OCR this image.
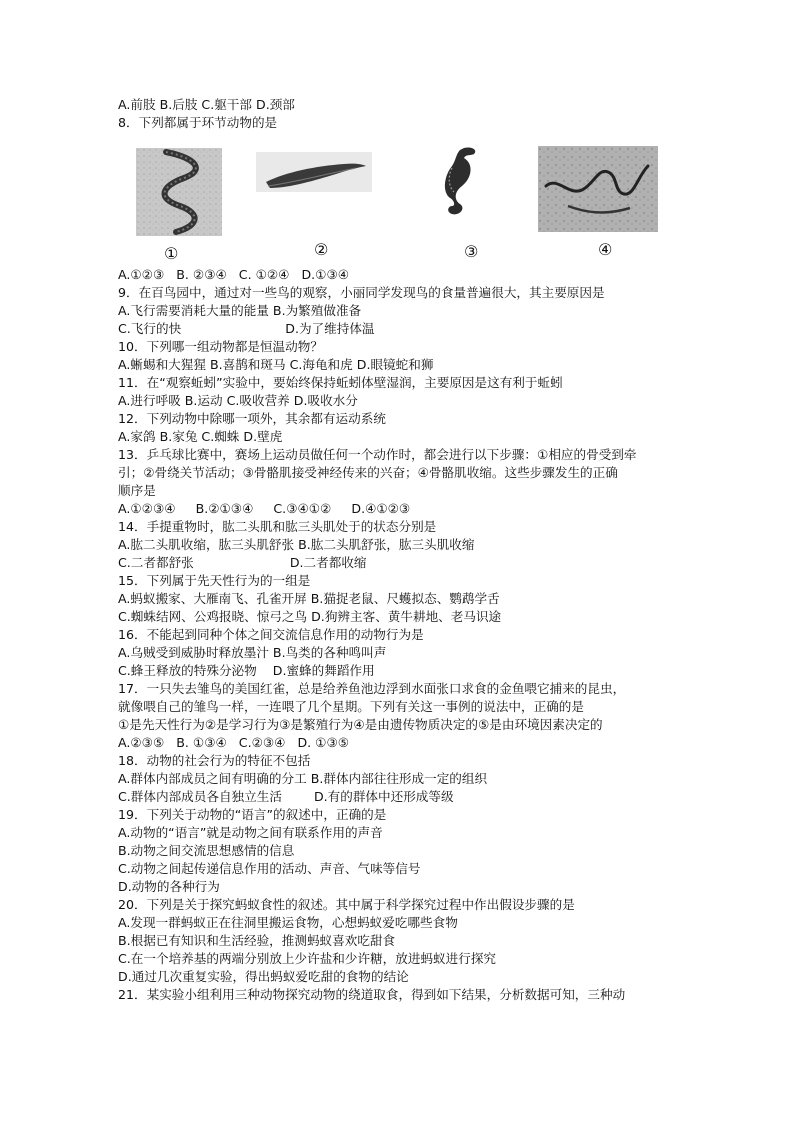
A.前肢 B.后肢 C.躯干部 D.颈部
8．下列都属于环节动物的是
①	②	③	④
A.①②③   B. ②③④   C. ①②④   D.①③④
9．在百鸟园中，通过对一些鸟的观察，小丽同学发现鸟的食量普遍很大，其主要原因是
A.飞行需要消耗大量的能量 B.为繁殖做准备
C.飞行的快                          D.为了维持体温
10．下列哪一组动物都是恒温动物？
A.蜥蜴和大猩猩 B.喜鹊和斑马 C.海龟和虎 D.眼镜蛇和狮
11．在“观察蚯蚓”实验中，要始终保持蚯蚓体壁湿润，主要原因是这有利于蚯蚓
A.进行呼吸 B.运动 C.吸收营养 D.吸收水分
12．下列动物中除哪一项外，其余都有运动系统
A.家鸽 B.家兔 C.蜘蛛 D.壁虎
13．乒乓球比赛中，赛场上运动员做任何一个动作时，都会进行以下步骤：①相应的骨受到牵
引；②骨绕关节活动；③骨骼肌接受神经传来的兴奋；④骨骼肌收缩。这些步骤发生的正确
顺序是
A.①②③④     B.②①③④     C.③④①②     D.④①②③
14．手提重物时，肱二头肌和肱三头肌处于的状态分别是
A.肱二头肌收缩，肱三头肌舒张 B.肱二头肌舒张，肱三头肌收缩
C.二者都舒张                        D.二者都收缩
15．下列属于先天性行为的一组是
A.蚂蚁搬家、大雁南飞、孔雀开屏 B.猫捉老鼠、尺蠖拟态、鹦鹉学舌
C.蜘蛛结网、公鸡报晓、惊弓之鸟 D.狗辨主客、黄牛耕地、老马识途
16．不能起到同种个体之间交流信息作用的动物行为是
A.乌贼受到威胁时释放墨汁 B.鸟类的各种鸣叫声
C.蜂王释放的特殊分泌物    D.蜜蜂的舞蹈作用
17．一只失去雏鸟的美国红雀，总是给养鱼池边浮到水面张口求食的金鱼喂它捕来的昆虫，
就像喂自己的雏鸟一样，一连喂了几个星期。下列有关这一事例的说法中，正确的是
①是先天性行为②是学习行为③是繁殖行为④是由遗传物质决定的⑤是由环境因素决定的
A.②③⑤   B. ①③④   C.②③④   D. ①③⑤
18．动物的社会行为的特征不包括
A.群体内部成员之间有明确的分工 B.群体内部往往形成一定的组织
C.群体内部成员各自独立生活        D.有的群体中还形成等级
19．下列关于动物的“语言”的叙述中，正确的是
A.动物的“语言”就是动物之间有联系作用的声音
B.动物之间交流思想感情的信息
C.动物之间起传递信息作用的活动、声音、气味等信号
D.动物的各种行为
20．下列是关于探究蚂蚁食性的叙述。其中属于科学探究过程中作出假设步骤的是
A.发现一群蚂蚁正在往洞里搬运食物，心想蚂蚁爱吃哪些食物
B.根据已有知识和生活经验，推测蚂蚁喜欢吃甜食
C.在一个培养基的两端分别放上少许盐和少许糖，放进蚂蚁进行探究
D.通过几次重复实验，得出蚂蚁爱吃甜的食物的结论
21．某实验小组利用三种动物探究动物的绕道取食，得到如下结果，分析数据可知，三种动
